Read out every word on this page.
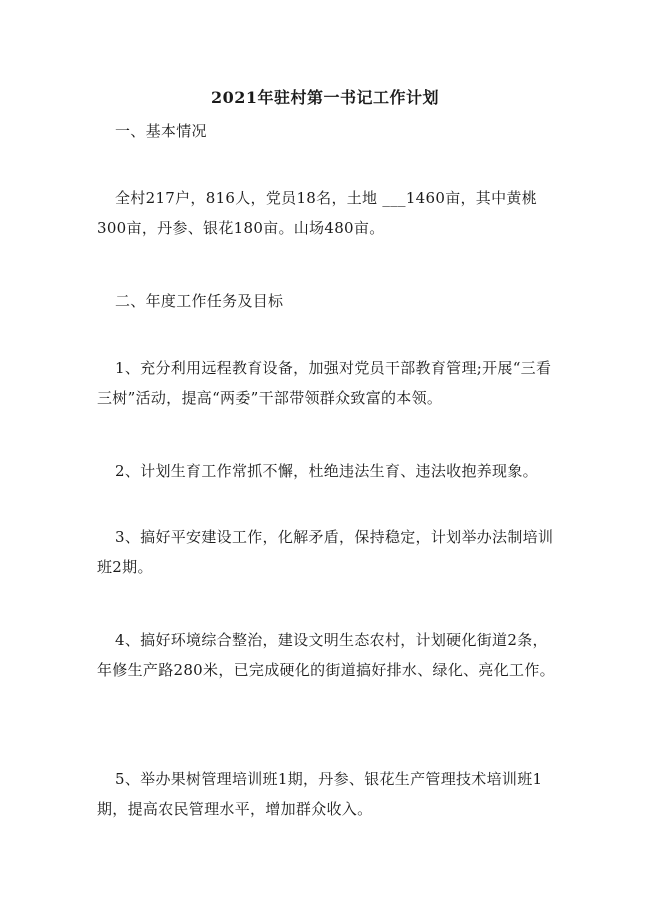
2021年驻村第一书记工作计划
一、基本情况

全村217户，816人，党员18名，土地 ___1460亩，其中黄桃300亩，丹参、银花180亩。山场480亩。

二、年度工作任务及目标

1、充分利用远程教育设备，加强对党员干部教育管理;开展“三看三树”活动，提高“两委”干部带领群众致富的本领。

2、计划生育工作常抓不懈，杜绝违法生育、违法收抱养现象。

3、搞好平安建设工作，化解矛盾，保持稳定，计划举办法制培训班2期。

4、搞好环境综合整治，建设文明生态农村，计划硬化街道2条，年修生产路280米，已完成硬化的街道搞好排水、绿化、亮化工作。

5、举办果树管理培训班1期，丹参、银花生产管理技术培训班1期，提高农民管理水平，增加群众收入。
